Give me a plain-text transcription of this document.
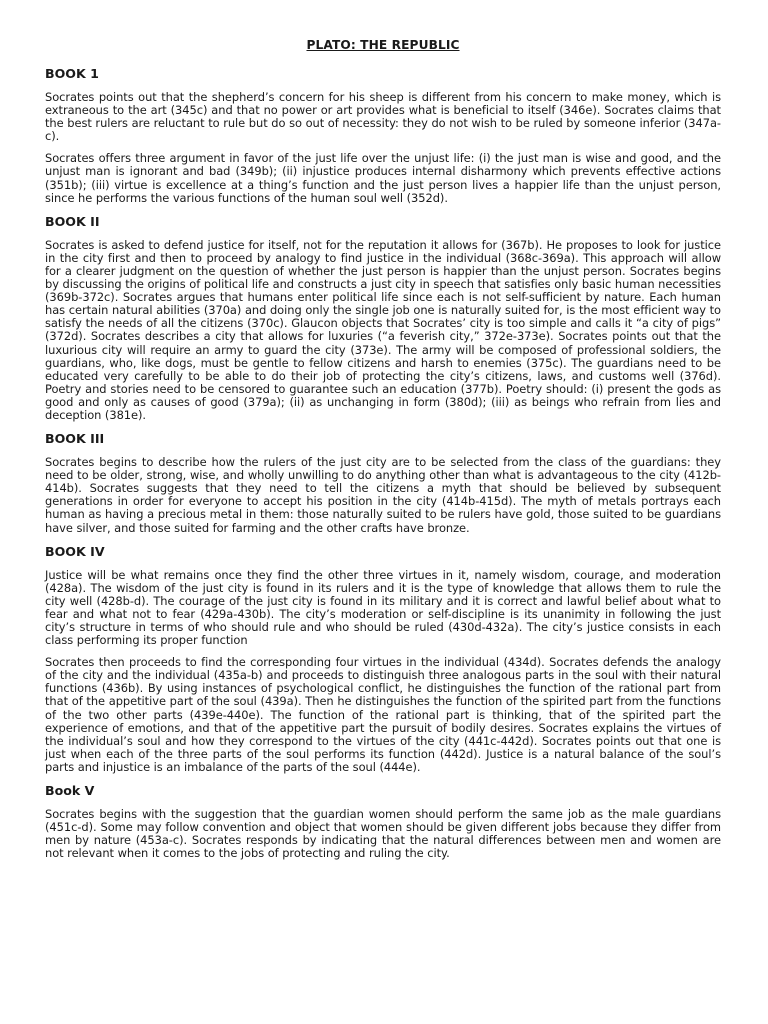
PLATO: THE REPUBLIC
BOOK 1

Socrates points out that the shepherd’s concern for his sheep is different from his concern to make money, which is extraneous to the art (345c) and that no power or art provides what is beneficial to itself (346e). Socrates claims that the best rulers are reluctant to rule but do so out of necessity: they do not wish to be ruled by someone inferior (347a-c).

Socrates offers three argument in favor of the just life over the unjust life: (i) the just man is wise and good, and the unjust man is ignorant and bad (349b); (ii) injustice produces internal disharmony which prevents effective actions (351b); (iii) virtue is excellence at a thing’s function and the just person lives a happier life than the unjust person, since he performs the various functions of the human soul well (352d).

BOOK II

Socrates is asked to defend justice for itself, not for the reputation it allows for (367b). He proposes to look for justice in the city first and then to proceed by analogy to find justice in the individual (368c-369a). This approach will allow for a clearer judgment on the question of whether the just person is happier than the unjust person. Socrates begins by discussing the origins of political life and constructs a just city in speech that satisfies only basic human necessities (369b-372c). Socrates argues that humans enter political life since each is not self-sufficient by nature. Each human has certain natural abilities (370a) and doing only the single job one is naturally suited for, is the most efficient way to satisfy the needs of all the citizens (370c). Glaucon objects that Socrates’ city is too simple and calls it “a city of pigs” (372d). Socrates describes a city that allows for luxuries (“a feverish city,” 372e-373e). Socrates points out that the luxurious city will require an army to guard the city (373e). The army will be composed of professional soldiers, the guardians, who, like dogs, must be gentle to fellow citizens and harsh to enemies (375c). The guardians need to be educated very carefully to be able to do their job of protecting the city’s citizens, laws, and customs well (376d). Poetry and stories need to be censored to guarantee such an education (377b). Poetry should: (i) present the gods as good and only as causes of good (379a); (ii) as unchanging in form (380d); (iii) as beings who refrain from lies and deception (381e).

BOOK III

Socrates begins to describe how the rulers of the just city are to be selected from the class of the guardians: they need to be older, strong, wise, and wholly unwilling to do anything other than what is advantageous to the city (412b-414b). Socrates suggests that they need to tell the citizens a myth that should be believed by subsequent generations in order for everyone to accept his position in the city (414b-415d). The myth of metals portrays each human as having a precious metal in them: those naturally suited to be rulers have gold, those suited to be guardians have silver, and those suited for farming and the other crafts have bronze.

BOOK IV

Justice will be what remains once they find the other three virtues in it, namely wisdom, courage, and moderation (428a). The wisdom of the just city is found in its rulers and it is the type of knowledge that allows them to rule the city well (428b-d). The courage of the just city is found in its military and it is correct and lawful belief about what to fear and what not to fear (429a-430b). The city’s moderation or self-discipline is its unanimity in following the just city’s structure in terms of who should rule and who should be ruled (430d-432a). The city’s justice consists in each class performing its proper function

Socrates then proceeds to find the corresponding four virtues in the individual (434d). Socrates defends the analogy of the city and the individual (435a-b) and proceeds to distinguish three analogous parts in the soul with their natural functions (436b). By using instances of psychological conflict, he distinguishes the function of the rational part from that of the appetitive part of the soul (439a). Then he distinguishes the function of the spirited part from the functions of the two other parts (439e-440e). The function of the rational part is thinking, that of the spirited part the experience of emotions, and that of the appetitive part the pursuit of bodily desires. Socrates explains the virtues of the individual’s soul and how they correspond to the virtues of the city (441c-442d). Socrates points out that one is just when each of the three parts of the soul performs its function (442d). Justice is a natural balance of the soul’s parts and injustice is an imbalance of the parts of the soul (444e).

Book V

Socrates begins with the suggestion that the guardian women should perform the same job as the male guardians (451c-d). Some may follow convention and object that women should be given different jobs because they differ from men by nature (453a-c). Socrates responds by indicating that the natural differences between men and women are not relevant when it comes to the jobs of protecting and ruling the city.
